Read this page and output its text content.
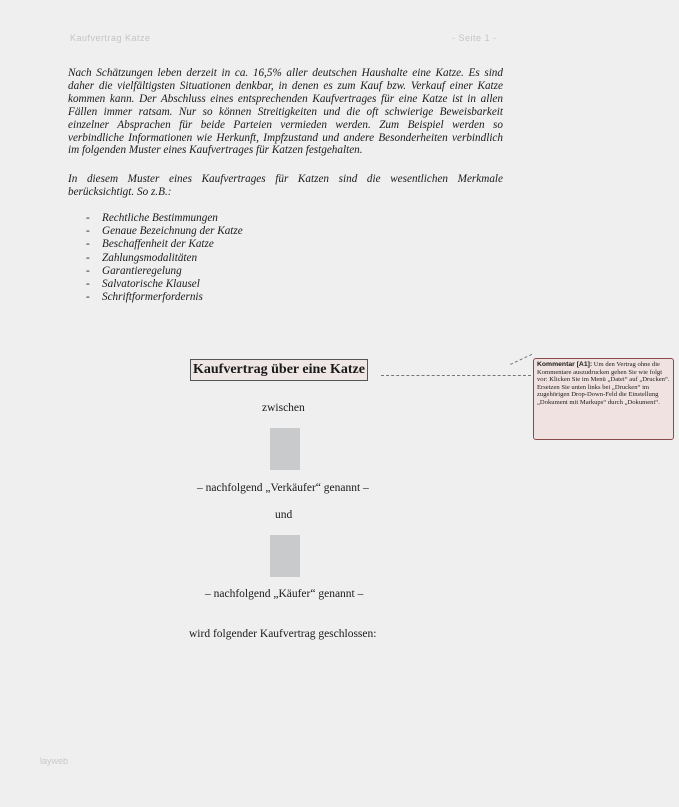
Kaufvertrag Katze	- Seite 1 -

Nach Schätzungen leben derzeit in ca. 16,5% aller deutschen Haushalte eine Katze. Es sind daher die vielfältigsten Situationen denkbar, in denen es zum Kauf bzw. Verkauf einer Katze kommen kann. Der Abschluss eines entsprechenden Kaufvertrages für eine Katze ist in allen Fällen immer ratsam. Nur so können Streitigkeiten und die oft schwierige Beweisbarkeit einzelner Absprachen für beide Parteien vermieden werden. Zum Beispiel werden so verbindliche Informationen wie Herkunft, Impfzustand und andere Besonderheiten verbindlich im folgenden Muster eines Kaufvertrages für Katzen festgehalten.

In diesem Muster eines Kaufvertrages für Katzen sind die wesentlichen Merkmale berücksichtigt. So z.B.:

- Rechtliche Bestimmungen
- Genaue Bezeichnung der Katze
- Beschaffenheit der Katze
- Zahlungsmodalitäten
- Garantieregelung
- Salvatorische Klausel
- Schriftformerfordernis
Kaufvertrag über eine Katze	Kommentar [A1]: Um den Vertrag ohne die Kommentare auszudrucken gehen Sie wie folgt vor: Klicken Sie im Menü „Datei“ auf „Drucken“. Ersetzen Sie unten links bei „Drucken“ im zugehörigen Drop-Down-Feld die Einstellung „Dokument mit Markups“ durch „Dokument“.
zwischen
– nachfolgend „Verkäufer“ genannt –
und
– nachfolgend „Käufer“ genannt –
wird folgender Kaufvertrag geschlossen:
layweb
